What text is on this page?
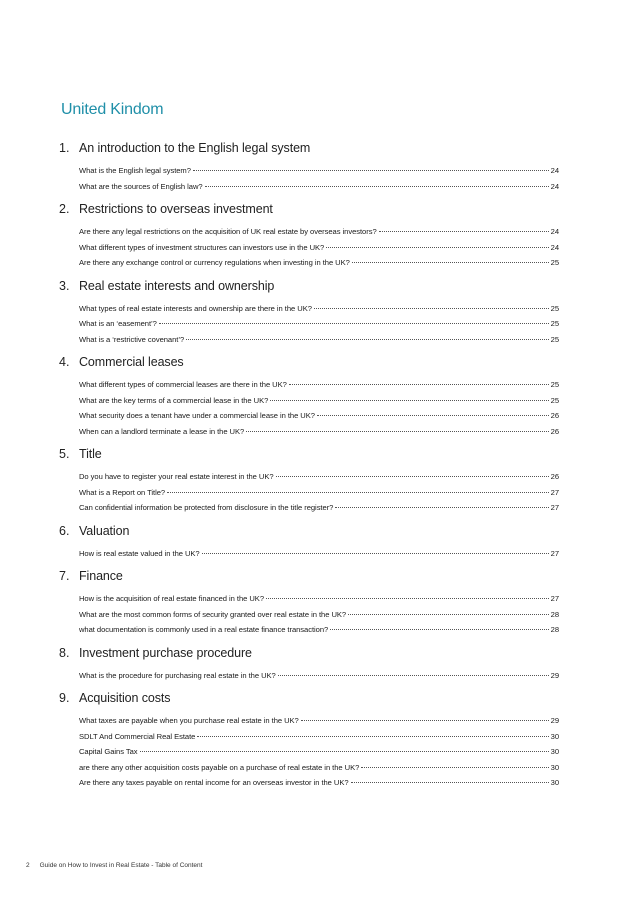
United Kindom
1. An introduction to the English legal system
What is the English legal system?	24
What are the sources of English law?	24
2. Restrictions to overseas investment
Are there any legal restrictions on the acquisition of UK real estate by overseas investors?	24
What different types of investment structures can investors use in the UK?	24
Are there any exchange control or currency regulations when investing in the UK?	25
3. Real estate interests and ownership
What types of real estate interests and ownership are there in the UK?	25
What is an ‘easement’?	25
What is a ‘restrictive covenant’?	25
4. Commercial leases
What different types of commercial leases are there in the UK?	25
What are the key terms of a commercial lease in the UK?	25
What security does a tenant have under a commercial lease in the UK?	26
When can a landlord terminate a lease in the UK?	26
5. Title
Do you have to register your real estate interest in the UK?	26
What is a Report on Title?	27
Can confidential information be protected from disclosure in the title register?	27
6. Valuation
How is real estate valued in the UK?	27
7. Finance
How is the acquisition of real estate financed in the UK?	27
What are the most common forms of security granted over real estate in the UK?	28
what documentation is commonly used in a real estate finance transaction?	28
8. Investment purchase procedure
What is the procedure for purchasing real estate in the UK?	29
9. Acquisition costs
What taxes are payable when you purchase real estate in the UK?	29
SDLT And Commercial Real Estate	30
Capital Gains Tax	30
are there any other acquisition costs payable on a purchase of real estate in the UK?	30
Are there any taxes payable on rental income for an overseas investor in the UK?	30
2 Guide on How to Invest in Real Estate - Table of Content
